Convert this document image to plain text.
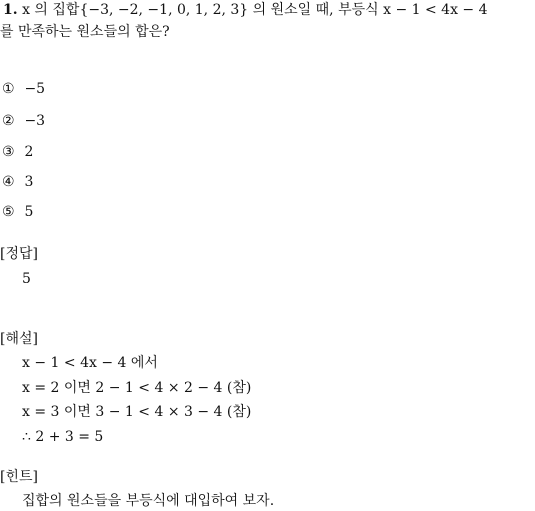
1. x 의 집합{−3, −2, −1, 0, 1, 2, 3} 의 원소일 때, 부등식 x − 1 < 4x − 4
를 만족하는 원소들의 합은?
① −5
② −3
③ 2
④ 3
⑤ 5
[정답]
5
[해설]
x − 1 < 4x − 4 에서
x = 2 이면 2 − 1 < 4 × 2 − 4 (참)
x = 3 이면 3 − 1 < 4 × 3 − 4 (참)
∴ 2 + 3 = 5
[힌트]
집합의 원소들을 부등식에 대입하여 보자.
